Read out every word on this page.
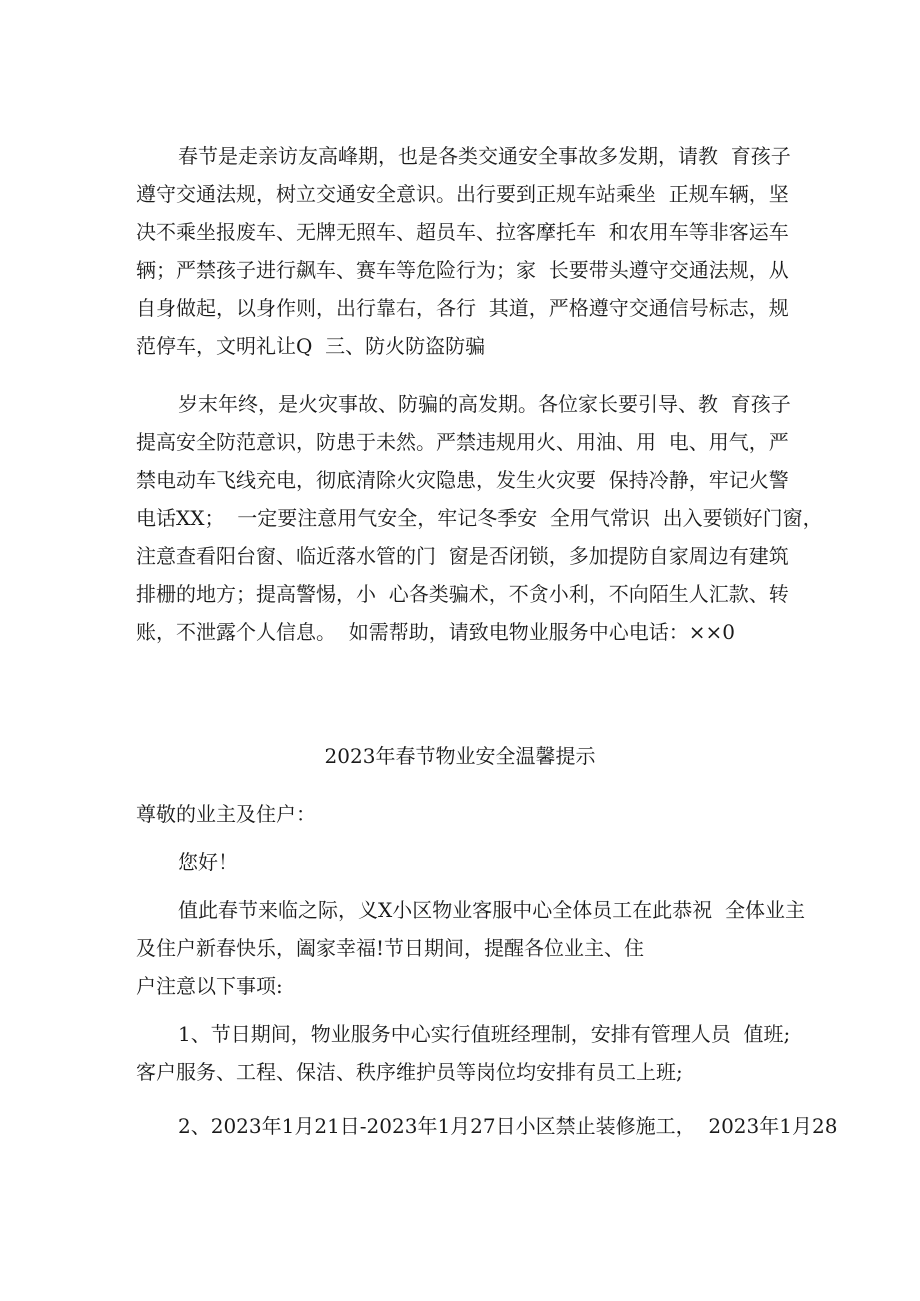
春节是走亲访友高峰期，也是各类交通安全事故多发期，请教  育孩子
遵守交通法规，树立交通安全意识。出行要到正规车站乘坐  正规车辆，坚
决不乘坐报废车、无牌无照车、超员车、拉客摩托车  和农用车等非客运车
辆；严禁孩子进行飙车、赛车等危险行为；家  长要带头遵守交通法规，从
自身做起，以身作则，出行靠右，各行  其道，严格遵守交通信号标志，规
范停车，文明礼让Q  三、防火防盗防骗
岁末年终，是火灾事故、防骗的高发期。各位家长要引导、教  育孩子
提高安全防范意识，防患于未然。严禁违规用火、用油、用  电、用气，严
禁电动车飞线充电，彻底清除火灾隐患，发生火灾要  保持冷静，牢记火警
电话XX；  一定要注意用气安全，牢记冬季安  全用气常识  出入要锁好门窗，
注意查看阳台窗、临近落水管的门  窗是否闭锁，多加提防自家周边有建筑
排栅的地方；提高警惕，小  心各类骗术，不贪小利，不向陌生人汇款、转
账，不泄露个人信息。  如需帮助，请致电物业服务中心电话：××0
2023年春节物业安全温馨提示
尊敬的业主及住户：
您好！
值此春节来临之际，义X小区物业客服中心全体员工在此恭祝  全体业主
及住户新春快乐，阖家幸福!节日期间，提醒各位业主、住
户注意以下事项:
1、节日期间，物业服务中心实行值班经理制，安排有管理人员  值班;
客户服务、工程、保洁、秩序维护员等岗位均安排有员工上班;
2、2023年1月21日-2023年1月27日小区禁止装修施工，  2023年1月28
